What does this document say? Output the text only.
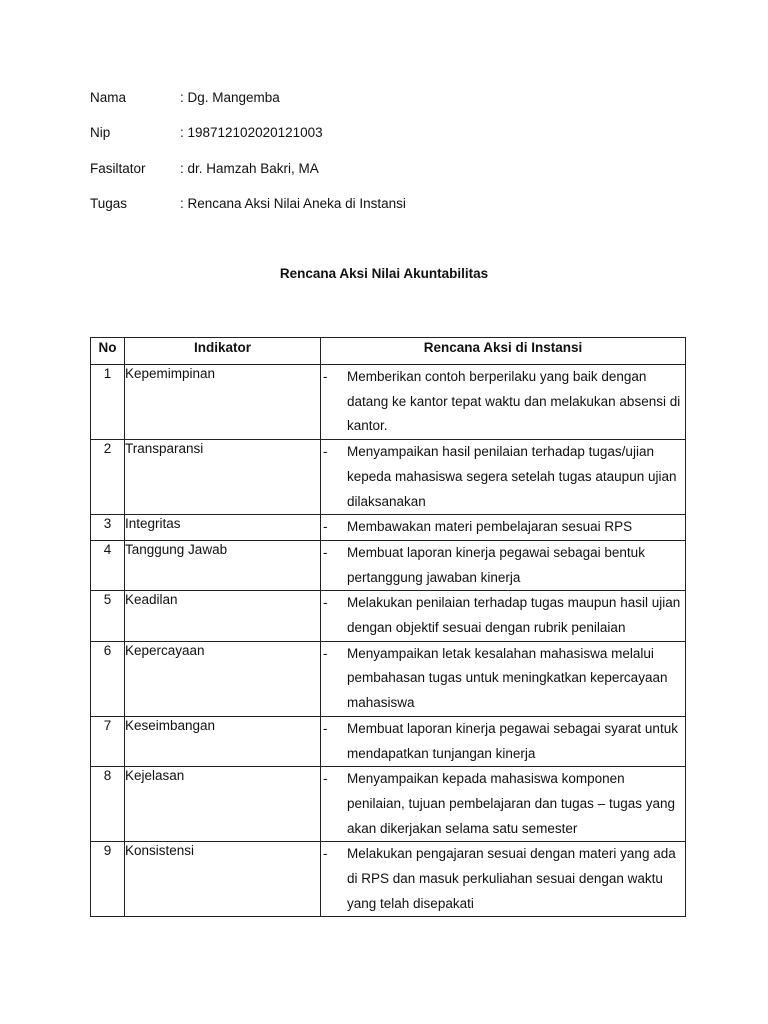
Nama	: Dg. Mangemba
Nip	: 198712102020121003
Fasiltator	: dr. Hamzah Bakri, MA
Tugas	: Rencana Aksi Nilai Aneka di Instansi
Rencana Aksi Nilai Akuntabilitas
No	Indikator	Rencana Aksi di Instansi
1	Kepemimpinan	- Memberikan contoh berperilaku yang baik dengan datang ke kantor tepat waktu dan melakukan absensi di kantor.

2	Transparansi	- Menyampaikan hasil penilaian terhadap tugas/ujian kepeda mahasiswa segera setelah tugas ataupun ujian dilaksanakan

3	Integritas	- Membawakan materi pembelajaran sesuai RPS

4	Tanggung Jawab	- Membuat laporan kinerja pegawai sebagai bentuk pertanggung jawaban kinerja

5	Keadilan	- Melakukan penilaian terhadap tugas maupun hasil ujian dengan objektif sesuai dengan rubrik penilaian

6	Kepercayaan	- Menyampaikan letak kesalahan mahasiswa melalui pembahasan tugas untuk meningkatkan kepercayaan mahasiswa

7	Keseimbangan	- Membuat laporan kinerja pegawai sebagai syarat untuk mendapatkan tunjangan kinerja

8	Kejelasan	- Menyampaikan kepada mahasiswa komponen penilaian, tujuan pembelajaran dan tugas – tugas yang akan dikerjakan selama satu semester

9	Konsistensi	- Melakukan pengajaran sesuai dengan materi yang ada di RPS dan masuk perkuliahan sesuai dengan waktu yang telah disepakati
